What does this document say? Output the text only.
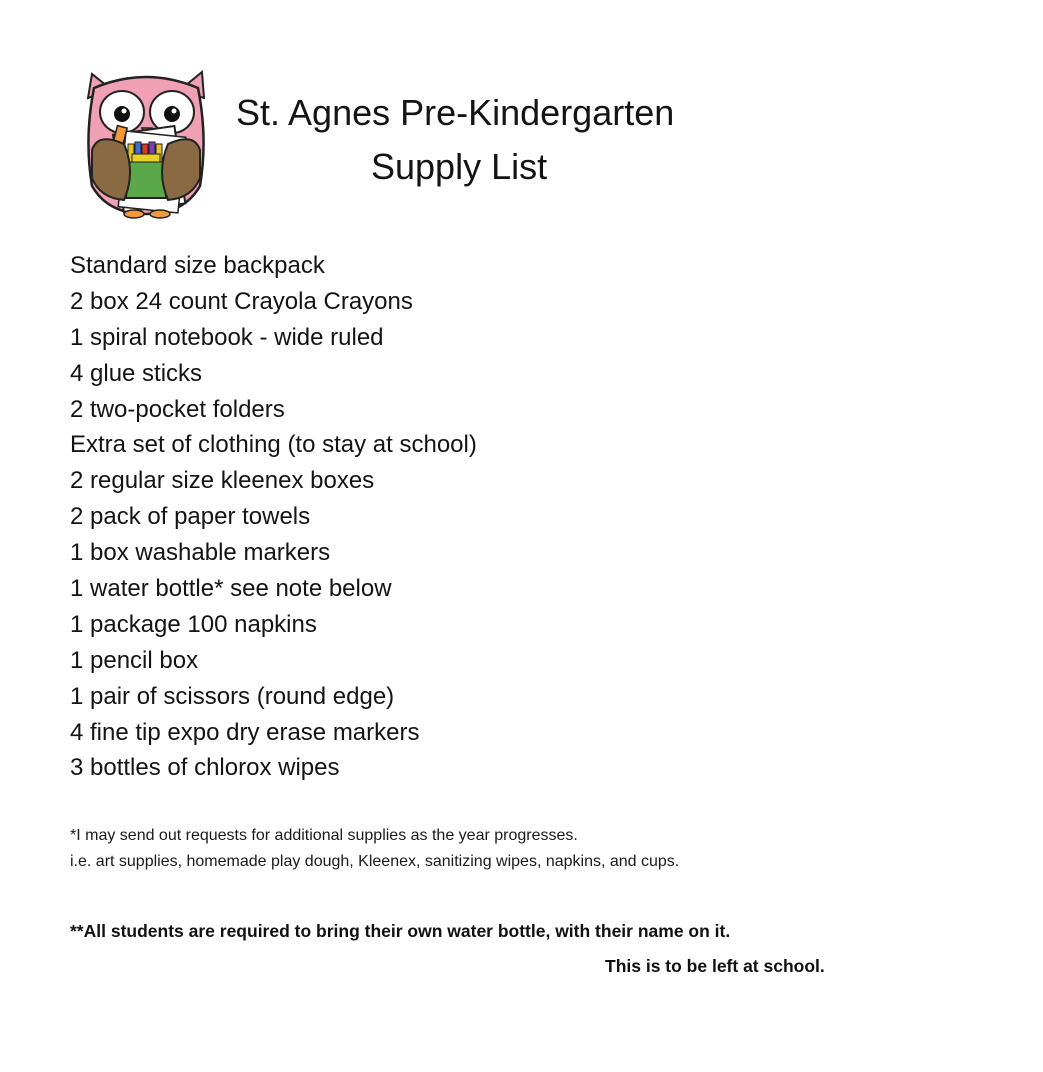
St. Agnes Pre-Kindergarten
Supply List
Standard size backpack
2 box 24 count Crayola Crayons
1 spiral notebook - wide ruled
4 glue sticks
2 two-pocket folders
Extra set of clothing (to stay at school)
2 regular size kleenex boxes
2 pack of paper towels
1 box washable markers
1 water bottle* see note below
1 package 100 napkins
1 pencil box
1 pair of scissors (round edge)
4 fine tip expo dry erase markers
3 bottles of chlorox wipes
*I may send out requests for additional supplies as the year progresses.
i.e. art supplies, homemade play dough, Kleenex, sanitizing wipes, napkins, and cups.
**All students are required to bring their own water bottle, with their name on it.
This is to be left at school.
